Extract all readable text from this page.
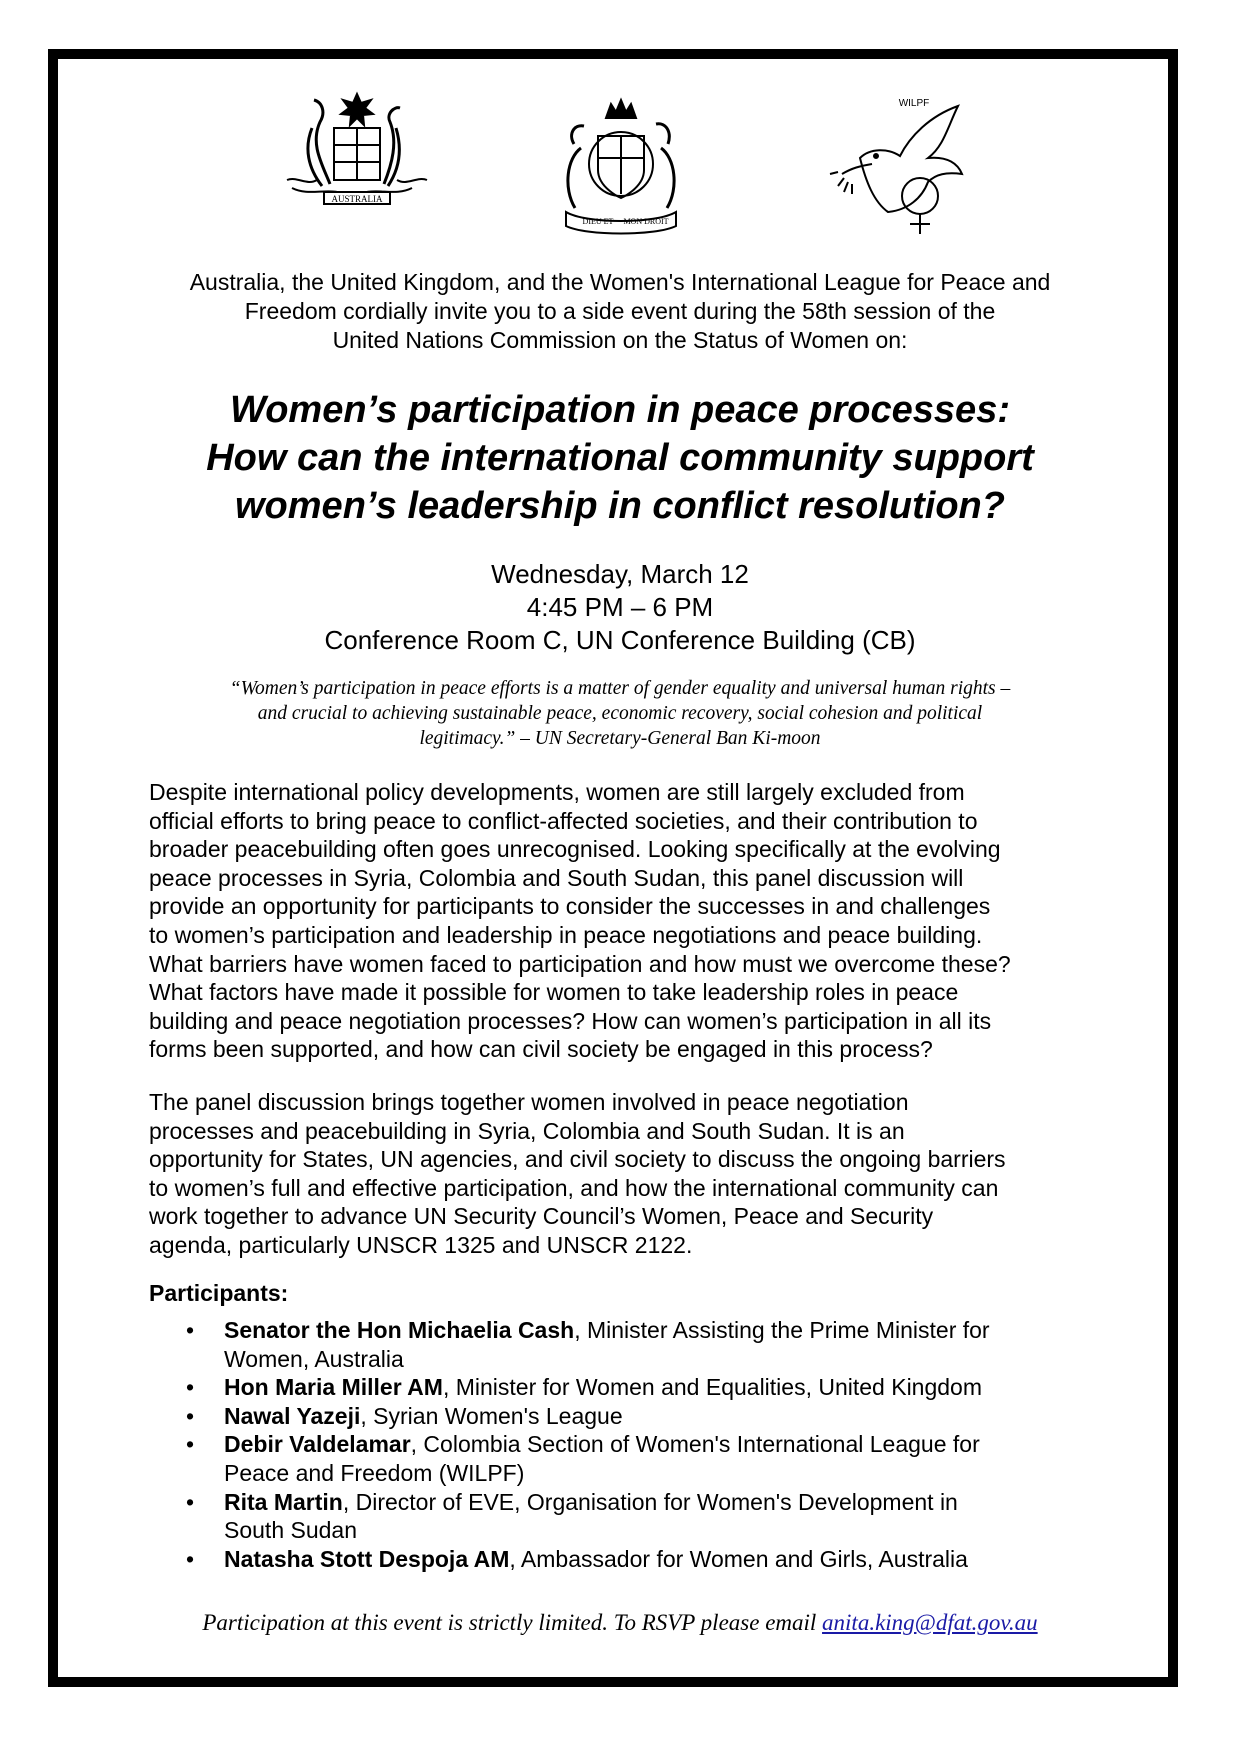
AUSTRALIA
DIEU ET MON DROIT
WILPF
Australia, the United Kingdom, and the Women's International League for Peace and
Freedom cordially invite you to a side event during the 58th session of the
United Nations Commission on the Status of Women on:
Women’s participation in peace processes:
How can the international community support
women’s leadership in conflict resolution?
Wednesday, March 12
4:45 PM – 6 PM
Conference Room C, UN Conference Building (CB)
“Women’s participation in peace efforts is a matter of gender equality and universal human rights –
and crucial to achieving sustainable peace, economic recovery, social cohesion and political
legitimacy.” – UN Secretary-General Ban Ki-moon
Despite international policy developments, women are still largely excluded from
official efforts to bring peace to conflict-affected societies, and their contribution to
broader peacebuilding often goes unrecognised. Looking specifically at the evolving
peace processes in Syria, Colombia and South Sudan, this panel discussion will
provide an opportunity for participants to consider the successes in and challenges
to women’s participation and leadership in peace negotiations and peace building.
What barriers have women faced to participation and how must we overcome these?
What factors have made it possible for women to take leadership roles in peace
building and peace negotiation processes? How can women’s participation in all its
forms been supported, and how can civil society be engaged in this process?
The panel discussion brings together women involved in peace negotiation
processes and peacebuilding in Syria, Colombia and South Sudan. It is an
opportunity for States, UN agencies, and civil society to discuss the ongoing barriers
to women’s full and effective participation, and how the international community can
work together to advance UN Security Council’s Women, Peace and Security
agenda, particularly UNSCR 1325 and UNSCR 2122.
Participants:
• Senator the Hon Michaelia Cash, Minister Assisting the Prime Minister for
Women, Australia
• Hon Maria Miller AM, Minister for Women and Equalities, United Kingdom
• Nawal Yazeji, Syrian Women's League
• Debir Valdelamar, Colombia Section of Women's International League for
Peace and Freedom (WILPF)
• Rita Martin, Director of EVE, Organisation for Women's Development in
South Sudan
• Natasha Stott Despoja AM, Ambassador for Women and Girls, Australia
Participation at this event is strictly limited. To RSVP please email anita.king@dfat.gov.au
